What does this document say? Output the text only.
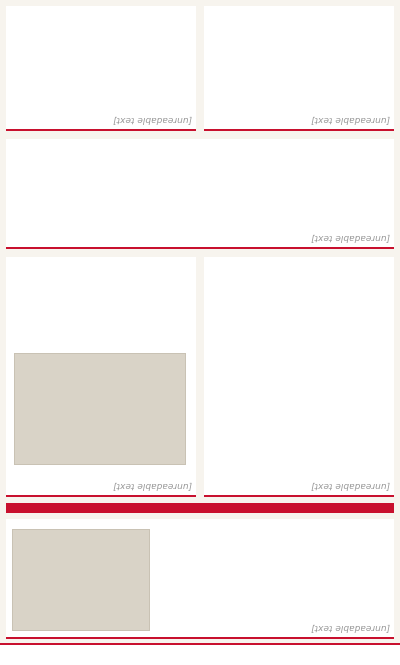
[unreadable text]
[unreadable text]
[unreadable text]
[unreadable text]
[unreadable text]
[unreadable text]
